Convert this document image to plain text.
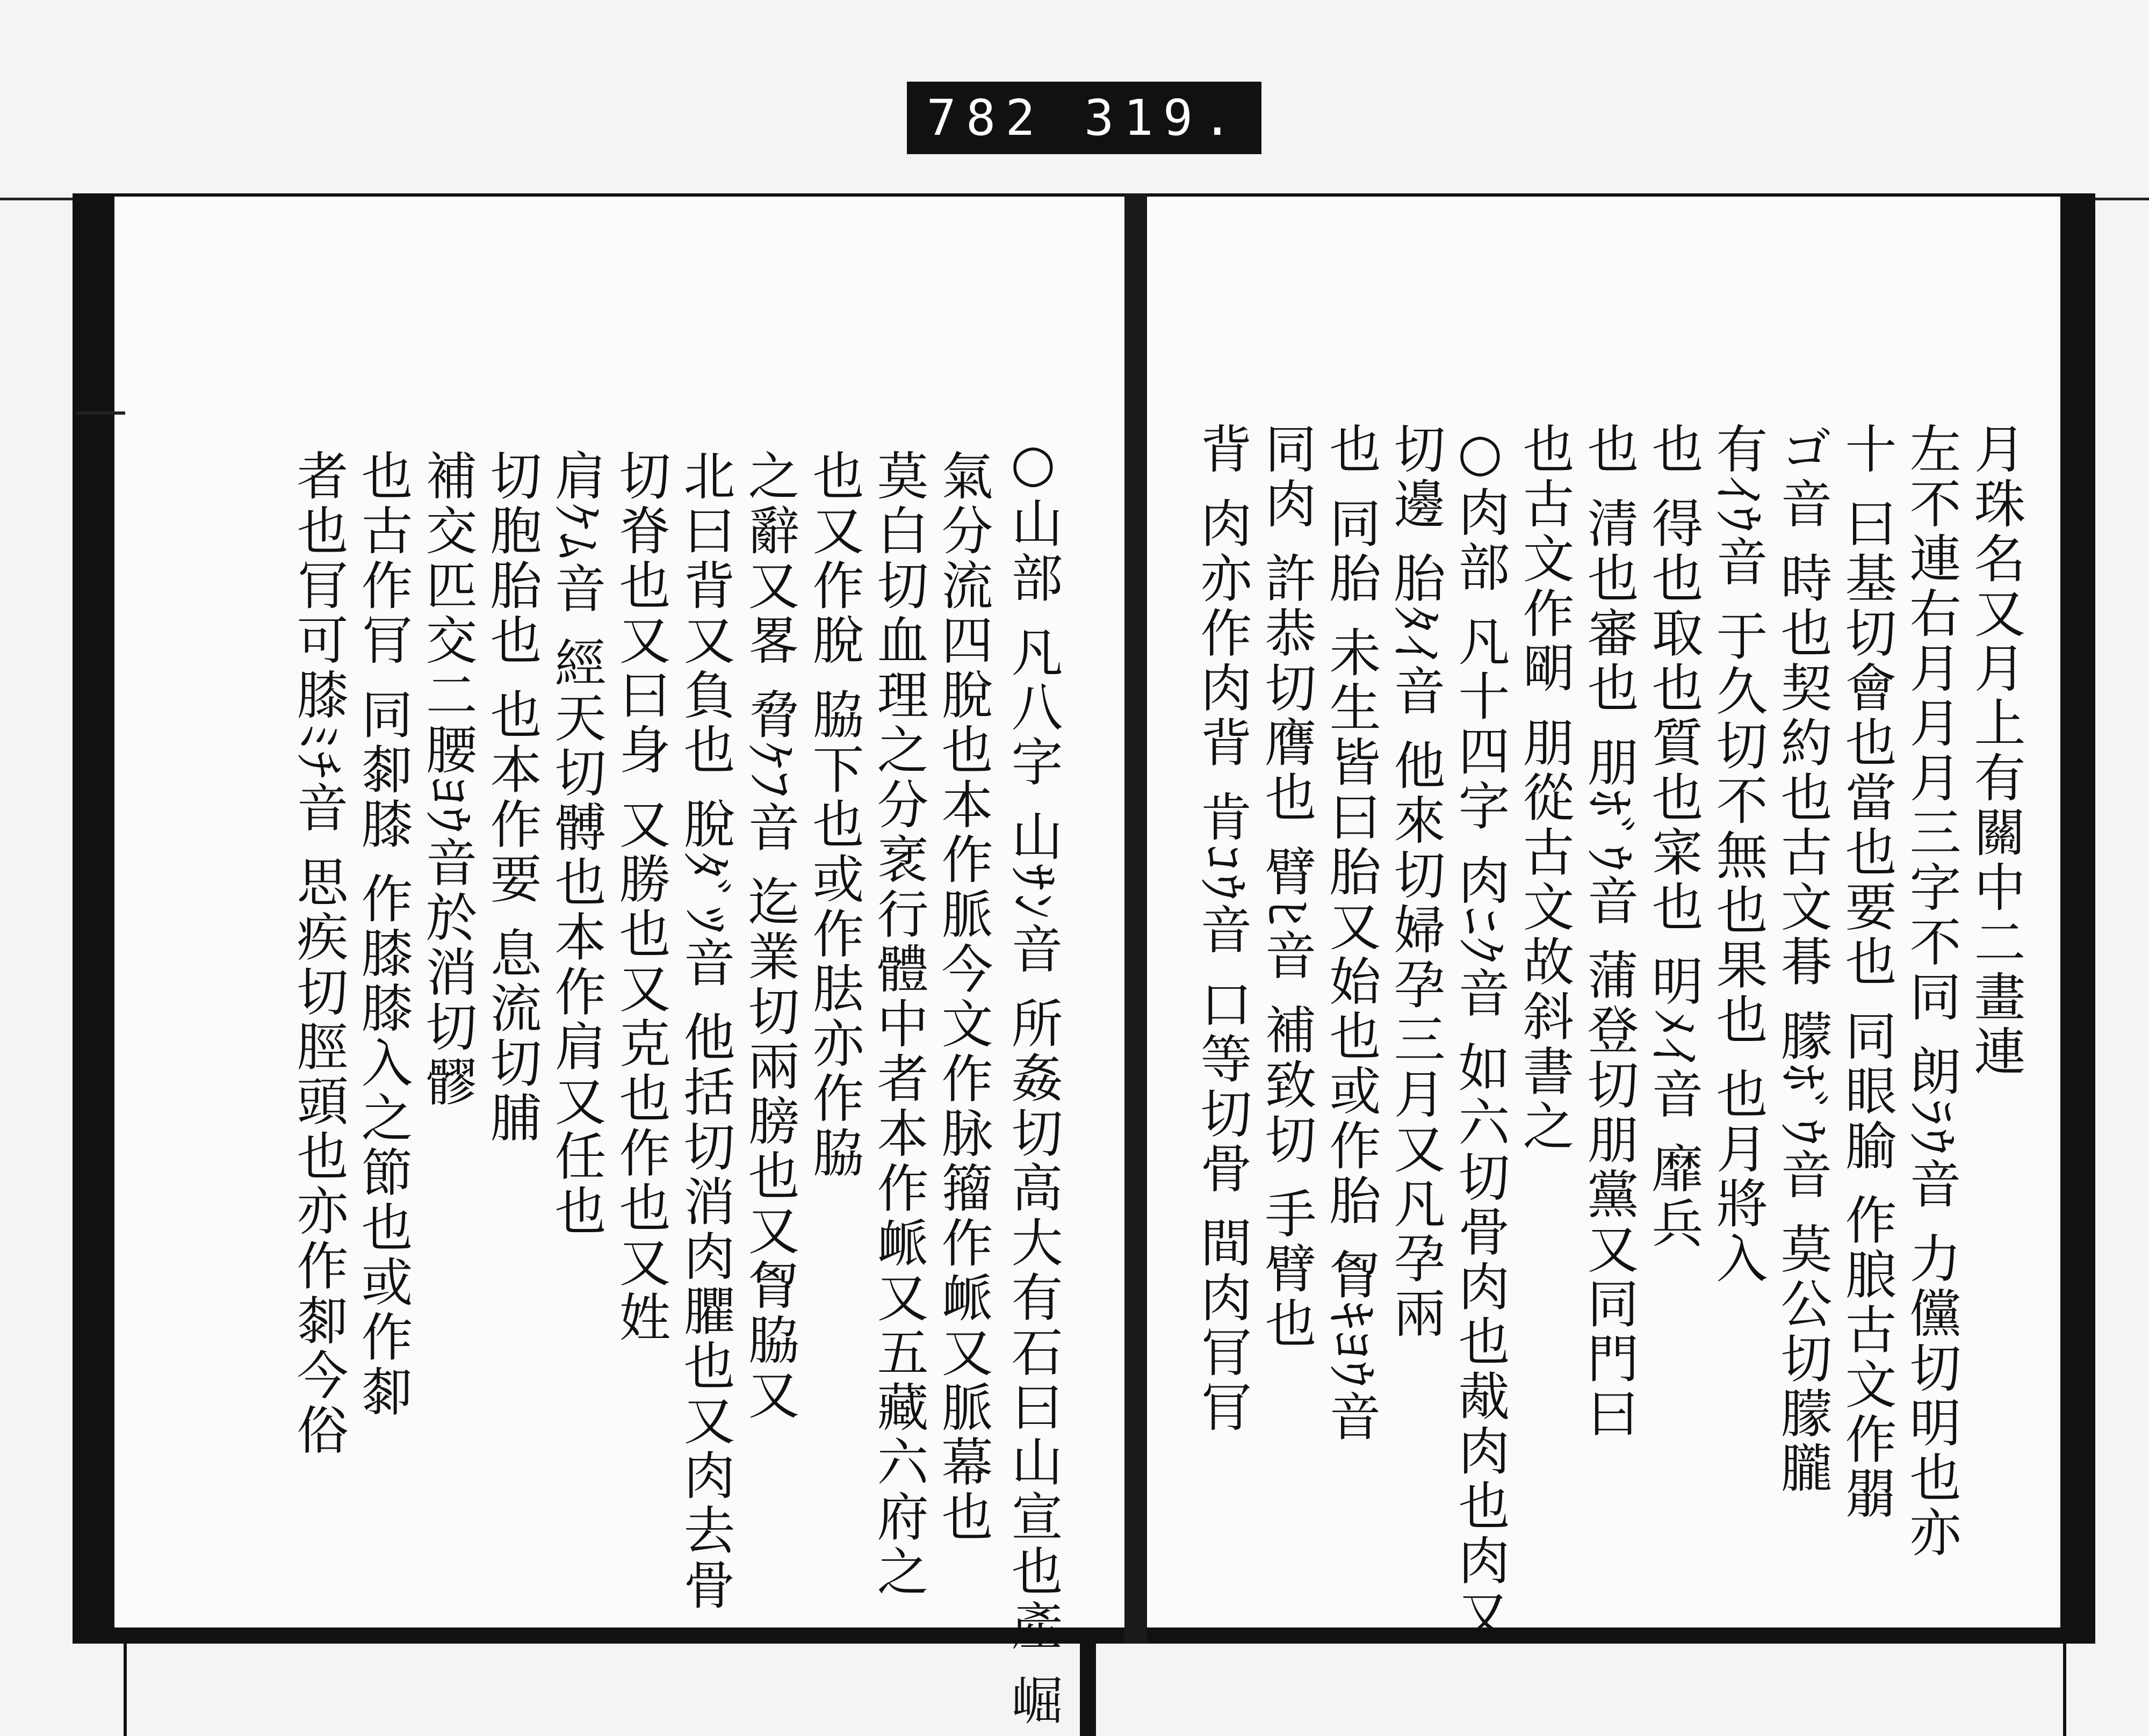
782 319.
者也肎可膝ﾐﾁ音 思疾切脛頭也亦作厀今俗 也古作肎 同厀膝 作膝膝入之節也或作厀 補交匹交二腰ﾖｳ音於消切髎 切胞胎也 也本作要 息流切脯 肩ｹﾑ音 經天切髆也本作肩又任也 切脊也又曰身 又勝也又克也作也又姓 北曰背又負也 脫ﾀﾞﾂ音 他括切消肉臞也又肉去骨 之辭又畧 脅ｹﾌ音 迄業切兩膀也又胷脇又 也又作脫 脇下也或作胠亦作脇 莫白切血理之分衺行體中者本作衇又五藏六府之 氣分流四脫也本作脈今文作脉籀作衇又脈幕也 ○山部 凡八字 山ｻﾝ音 所姦切高大有石曰山宣也產 崛	月珠名又月上有關中二畫連
左不連右月月月三字不同 朗ﾗｳ音 力儻切明也亦
十 曰基切會也當也要也 同眼腧 作朖古文作朤
ゴ音 時也契約也古文朞 朦ﾎﾞｳ音 莫公切朦朧
有ｲｳ音 于久切不無也果也 也月將入
也 得也取也質也寀也 明ﾒｲ音 靡兵
也 清也審也 朋ﾎﾞｳ音 蒲登切朋黨又同門曰
也古文作朙 朋從古文故斜書之
○肉部 凡十四字 肉ﾆｸ音 如六切骨肉也胾肉也肉又
切邊 胎ﾀｲ音 他來切婦孕三月又凡孕兩
也 同胎 未生皆曰胎又始也或作胎 胷ｷﾖｳ音
同肉 許恭切膺也 臂ﾋ音 補致切 手臂也
背 肉亦作肉背 肯ｺｳ音 口等切骨 間肉肎肎
